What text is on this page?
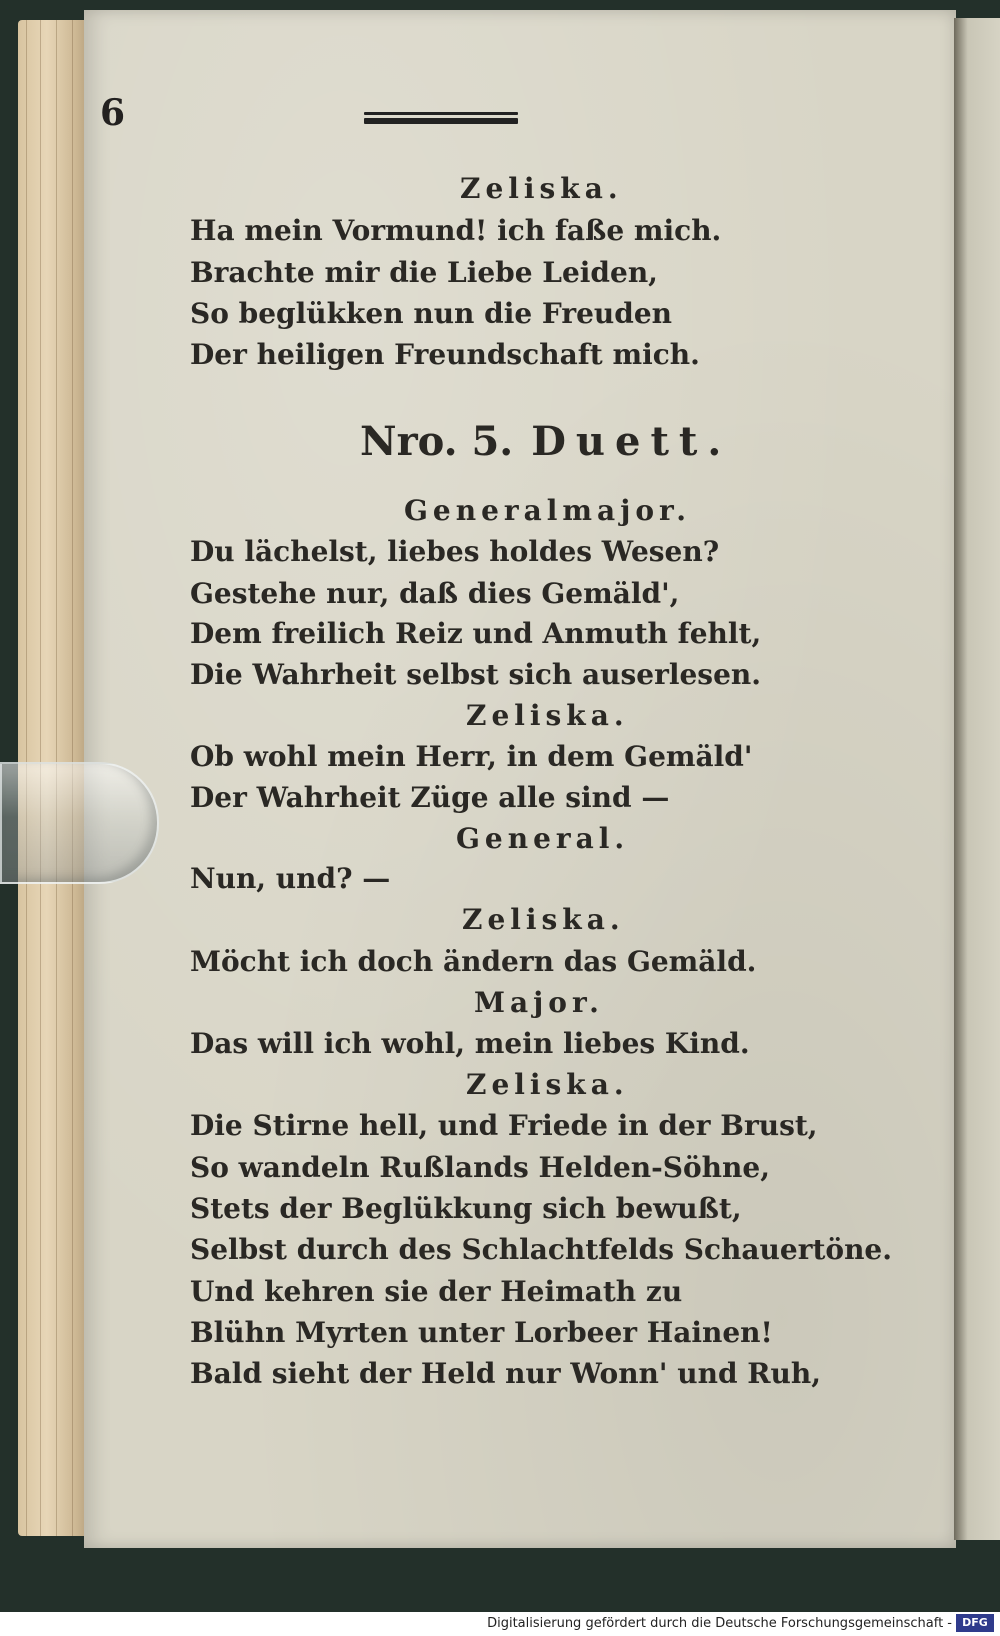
6
Zeliska.
Ha mein Vormund! ich faße mich.
Brachte mir die Liebe Leiden,
So beglükken nun die Freuden
Der heiligen Freundschaft mich.
Nro. 5. Duett.
Generalmajor.
Du lächelst, liebes holdes Wesen?
Gestehe nur, daß dies Gemäld',
Dem freilich Reiz und Anmuth fehlt,
Die Wahrheit selbst sich auserlesen.
Zeliska.
Ob wohl mein Herr, in dem Gemäld'
Der Wahrheit Züge alle sind —
General.
Nun, und? —
Zeliska.
Möcht ich doch ändern das Gemäld.
Major.
Das will ich wohl, mein liebes Kind.
Zeliska.
Die Stirne hell, und Friede in der Brust,
So wandeln Rußlands Helden-Söhne,
Stets der Beglükkung sich bewußt,
Selbst durch des Schlachtfelds Schauertöne.
Und kehren sie der Heimath zu
Blühn Myrten unter Lorbeer Hainen!
Bald sieht der Held nur Wonn' und Ruh,
Digitalisierung gefördert durch die Deutsche Forschungsgemeinschaft - DFG
